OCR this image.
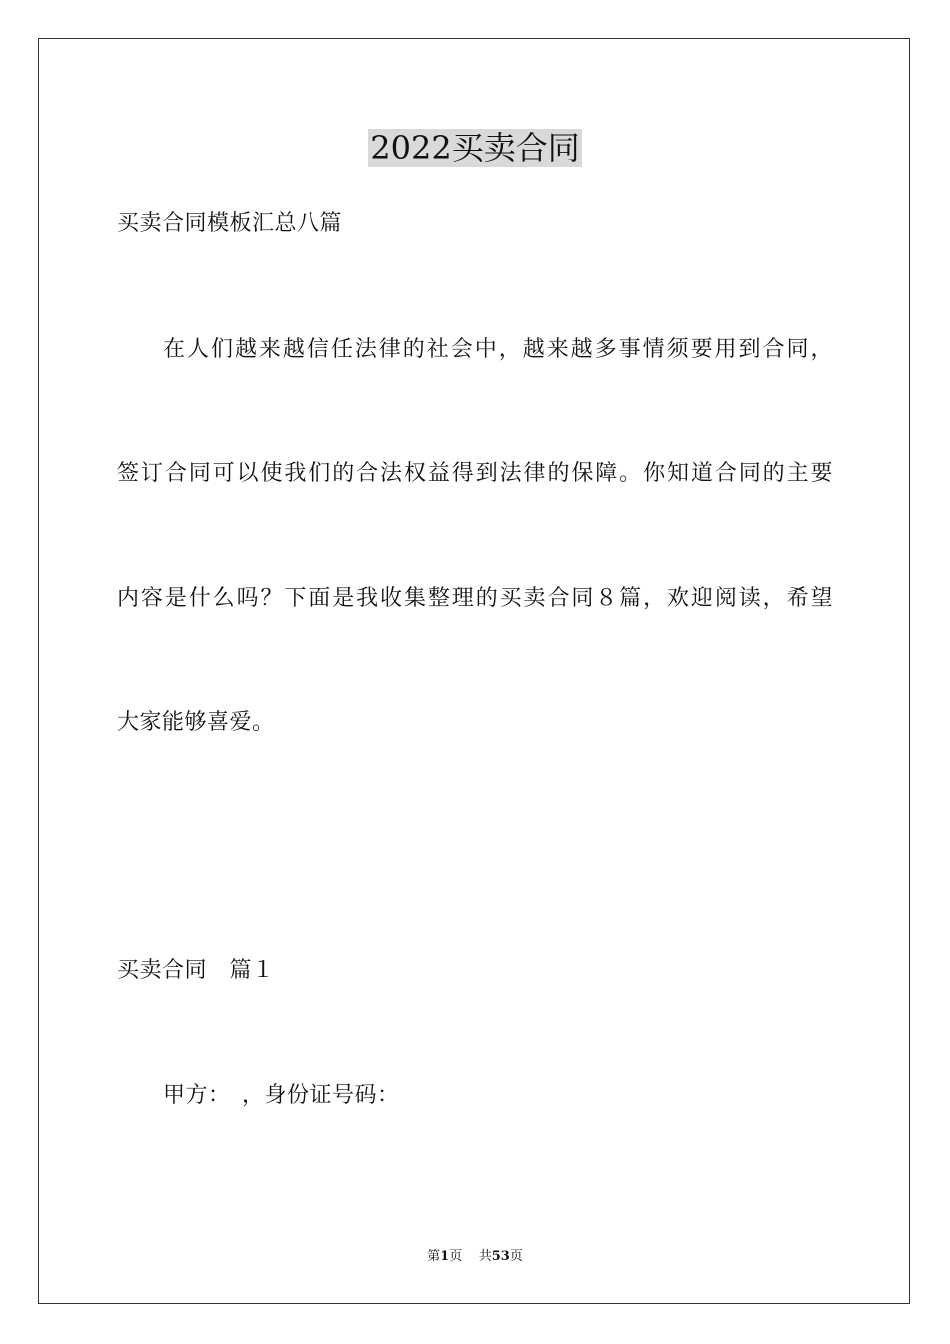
2022买卖合同
买卖合同模板汇总八篇
在人们越来越信任法律的社会中，越来越多事情须要用到合同，
签订合同可以使我们的合法权益得到法律的保障。你知道合同的主要
内容是什么吗？下面是我收集整理的买卖合同８篇，欢迎阅读，希望
大家能够喜爱。
买卖合同　篇１
甲方：　，身份证号码：
第1页 共53页
